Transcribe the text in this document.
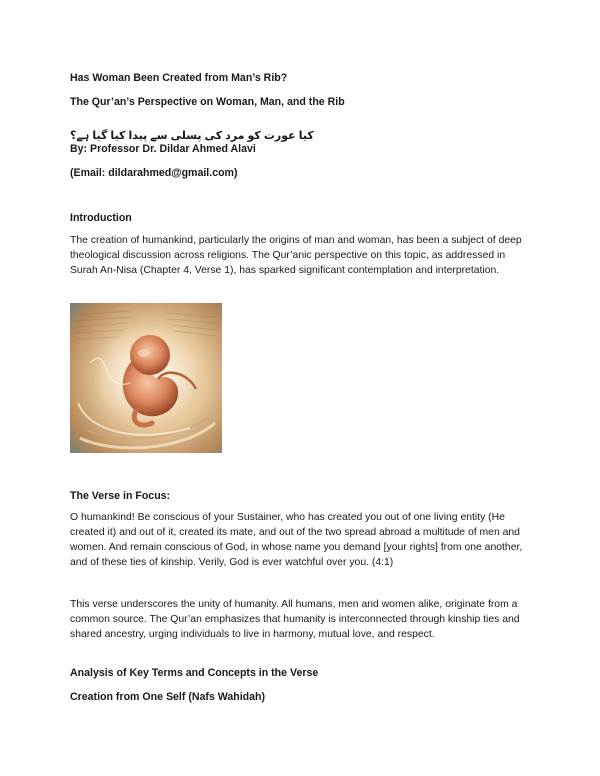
Has Woman Been Created from Man’s Rib?

The Qur’an’s Perspective on Woman, Man, and the Rib

کیا عورت کو مرد کی پسلی سے پیدا کیا گیا ہے؟

By: Professor Dr. Dildar Ahmed Alavi

(Email: dildarahmed@gmail.com)

Introduction

The creation of humankind, particularly the origins of man and woman, has been a subject of deep theological discussion across religions. The Qur’anic perspective on this topic, as addressed in Surah An-Nisa (Chapter 4, Verse 1), has sparked significant contemplation and interpretation.

The Verse in Focus:

O humankind! Be conscious of your Sustainer, who has created you out of one living entity (He created it) and out of it, created its mate, and out of the two spread abroad a multitude of men and women. And remain conscious of God, in whose name you demand [your rights] from one another, and of these ties of kinship. Verily, God is ever watchful over you. (4:1)

This verse underscores the unity of humanity. All humans, men and women alike, originate from a common source. The Qur’an emphasizes that humanity is interconnected through kinship ties and shared ancestry, urging individuals to live in harmony, mutual love, and respect.

Analysis of Key Terms and Concepts in the Verse

Creation from One Self (Nafs Wahidah)
